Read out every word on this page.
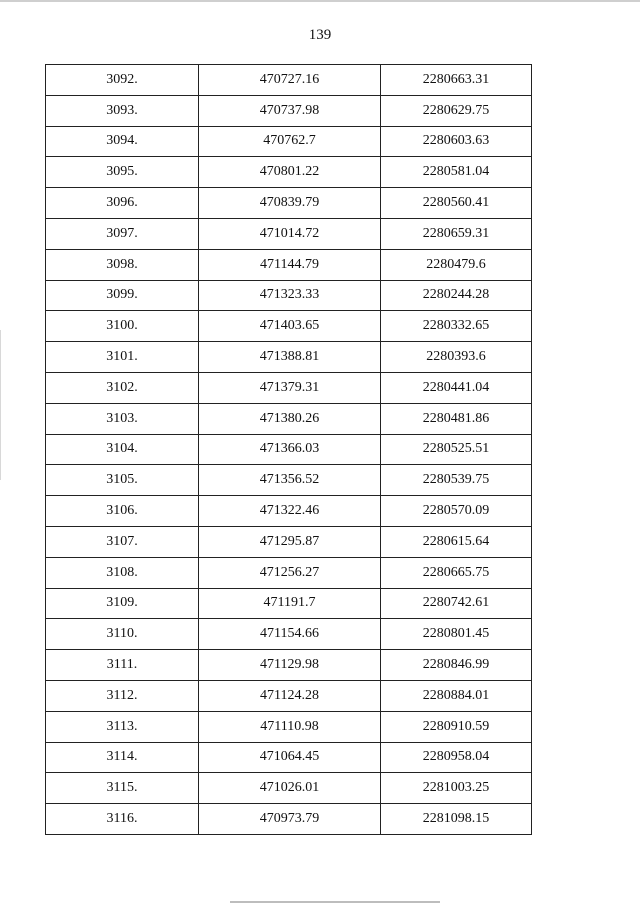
139
3092.	470727.16	2280663.31
3093.	470737.98	2280629.75
3094.	470762.7	2280603.63
3095.	470801.22	2280581.04
3096.	470839.79	2280560.41
3097.	471014.72	2280659.31
3098.	471144.79	2280479.6
3099.	471323.33	2280244.28
3100.	471403.65	2280332.65
3101.	471388.81	2280393.6
3102.	471379.31	2280441.04
3103.	471380.26	2280481.86
3104.	471366.03	2280525.51
3105.	471356.52	2280539.75
3106.	471322.46	2280570.09
3107.	471295.87	2280615.64
3108.	471256.27	2280665.75
3109.	471191.7	2280742.61
3110.	471154.66	2280801.45
3111.	471129.98	2280846.99
3112.	471124.28	2280884.01
3113.	471110.98	2280910.59
3114.	471064.45	2280958.04
3115.	471026.01	2281003.25
3116.	470973.79	2281098.15
